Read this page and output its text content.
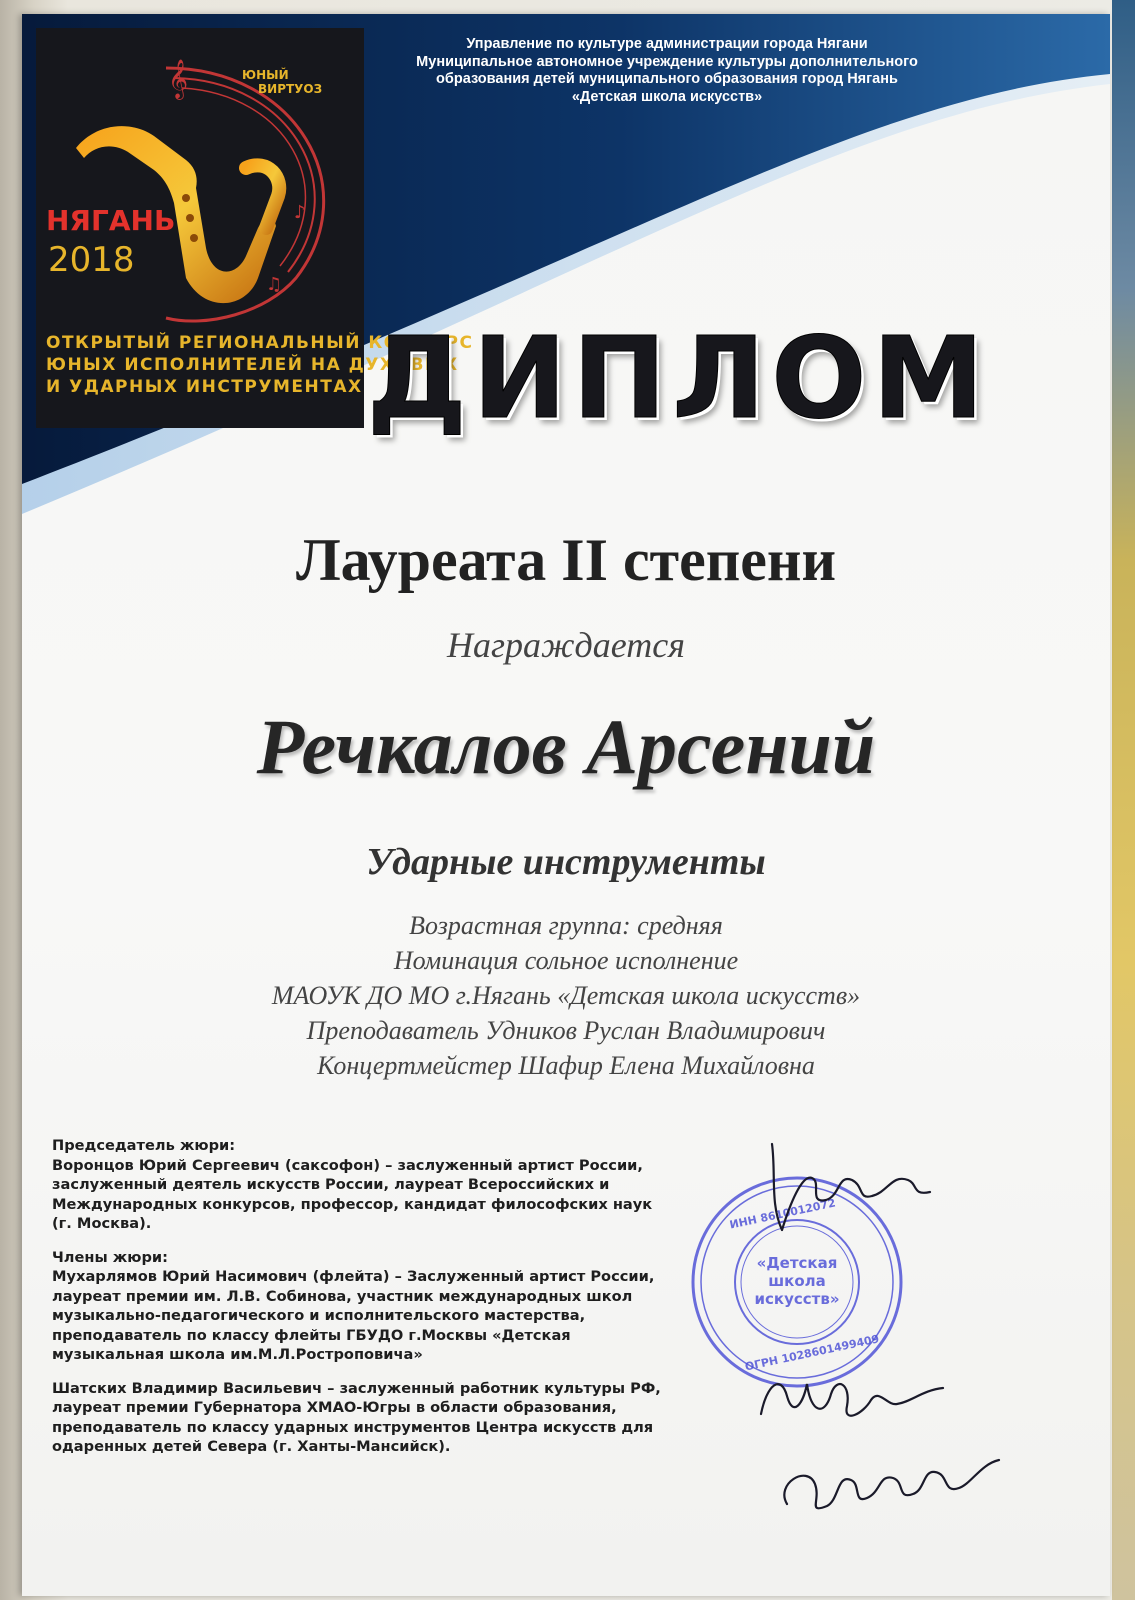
𝄞
♪
♫
ЮНЫЙ
ВИРТУОЗ
НЯГАНЬ
2018
ОТКРЫТЫЙ РЕГИОНАЛЬНЫЙ КОНКУРС
ЮНЫХ ИСПОЛНИТЕЛЕЙ НА ДУХОВЫХ
И УДАРНЫХ ИНСТРУМЕНТАХ
Управление по культуре администрации города Нягани
Муниципальное автономное учреждение культуры дополнительного
образования детей муниципального образования город Нягань
«Детская школа искусств»
ДИПЛОМ
Лауреата II степени
Награждается
Речкалов Арсений
Ударные инструменты
Возрастная группа: средняя
Номинация сольное исполнение
МАОУК ДО МО г.Нягань «Детская школа искусств»
Преподаватель Удников Руслан Владимирович
Концертмейстер Шафир Елена Михайловна
Председатель жюри:
Воронцов Юрий Сергеевич (саксофон) – заслуженный артист России,
заслуженный деятель искусств России, лауреат Всероссийских и
Международных конкурсов, профессор, кандидат философских наук
(г. Москва).
Члены жюри:
Мухарлямов Юрий Насимович (флейта) – Заслуженный артист России,
лауреат премии им. Л.В. Собинова, участник международных школ
музыкально-педагогического и исполнительского мастерства,
преподаватель по классу флейты ГБУДО г.Москвы «Детская
музыкальная школа им.М.Л.Ростроповича»
Шатских Владимир Васильевич – заслуженный работник культуры РФ,
лауреат премии Губернатора ХМАО-Югры в области образования,
преподаватель по классу ударных инструментов Центра искусств для
одаренных детей Севера (г. Ханты-Мансийск).
«Детская
школа
искусств»
ИНН 8610012072
ОГРН 1028601499409
